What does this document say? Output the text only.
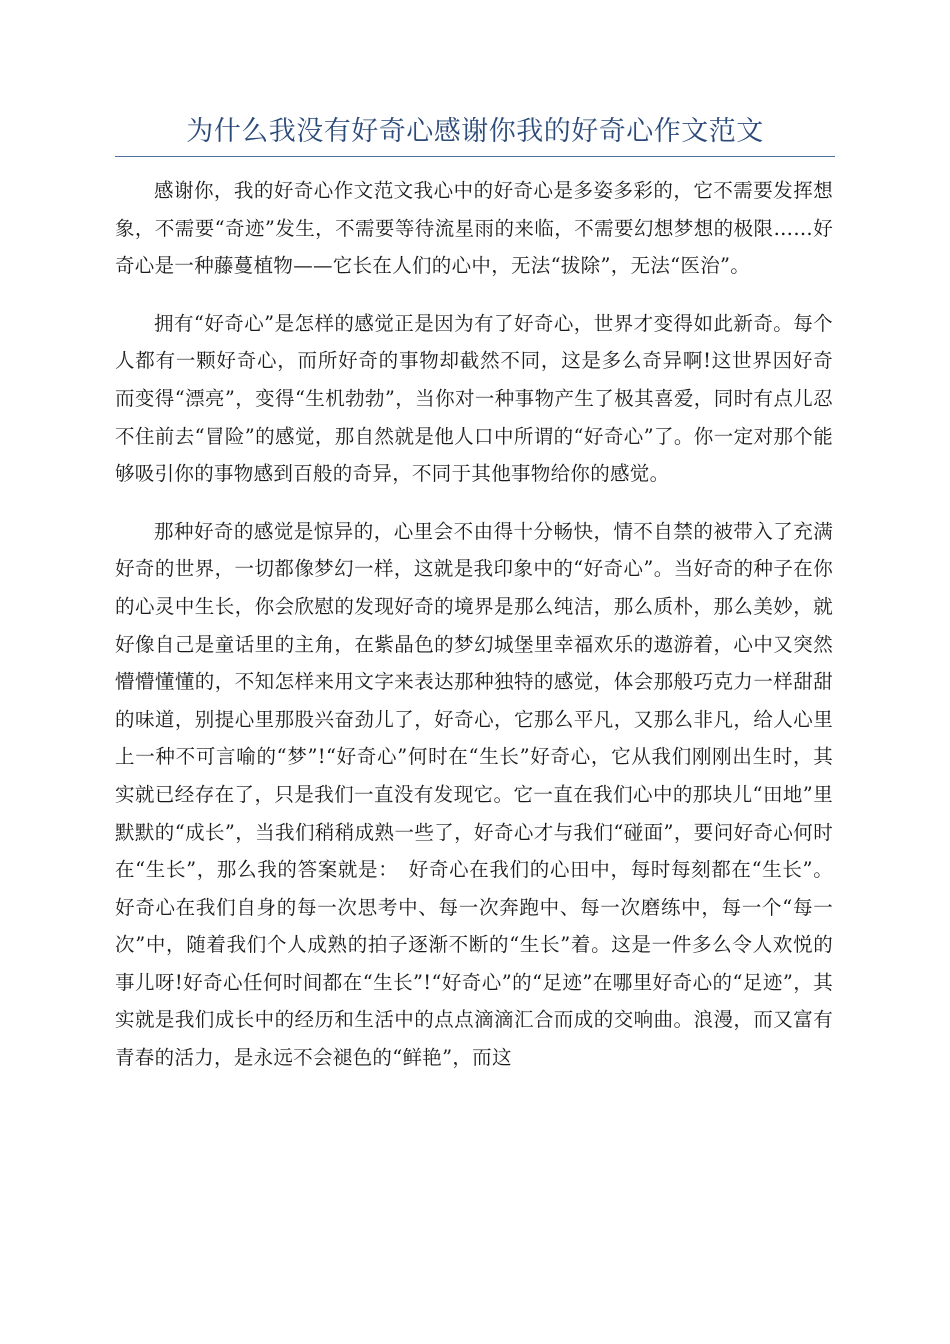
为什么我没有好奇心感谢你我的好奇心作文范文

感谢你，我的好奇心作文范文我心中的好奇心是多姿多彩的，它不需要发挥想象，不需要“奇迹”发生，不需要等待流星雨的来临，不需要幻想梦想的极限……好奇心是一种藤蔓植物——它长在人们的心中，无法“拔除”，无法“医治”。

拥有“好奇心”是怎样的感觉正是因为有了好奇心，世界才变得如此新奇。每个人都有一颗好奇心，而所好奇的事物却截然不同，这是多么奇异啊!这世界因好奇而变得“漂亮”，变得“生机勃勃”，当你对一种事物产生了极其喜爱，同时有点儿忍不住前去“冒险”的感觉，那自然就是他人口中所谓的“好奇心”了。你一定对那个能够吸引你的事物感到百般的奇异，不同于其他事物给你的感觉。

那种好奇的感觉是惊异的，心里会不由得十分畅快，情不自禁的被带入了充满好奇的世界，一切都像梦幻一样，这就是我印象中的“好奇心”。当好奇的种子在你的心灵中生长，你会欣慰的发现好奇的境界是那么纯洁，那么质朴，那么美妙，就好像自己是童话里的主角，在紫晶色的梦幻城堡里幸福欢乐的遨游着，心中又突然懵懵懂懂的，不知怎样来用文字来表达那种独特的感觉，体会那般巧克力一样甜甜的味道，别提心里那股兴奋劲儿了，好奇心，它那么平凡，又那么非凡，给人心里上一种不可言喻的“梦”!“好奇心”何时在“生长”好奇心，它从我们刚刚出生时，其实就已经存在了，只是我们一直没有发现它。它一直在我们心中的那块儿“田地”里默默的“成长”，当我们稍稍成熟一些了，好奇心才与我们“碰面”，要问好奇心何时在“生长”，那么我的答案就是：　好奇心在我们的心田中，每时每刻都在“生长”。好奇心在我们自身的每一次思考中、每一次奔跑中、每一次磨练中，每一个“每一次”中，随着我们个人成熟的拍子逐渐不断的“生长”着。这是一件多么令人欢悦的事儿呀!好奇心任何时间都在“生长”!“好奇心”的“足迹”在哪里好奇心的“足迹”，其实就是我们成长中的经历和生活中的点点滴滴汇合而成的交响曲。浪漫，而又富有青春的活力，是永远不会褪色的“鲜艳”，而这
